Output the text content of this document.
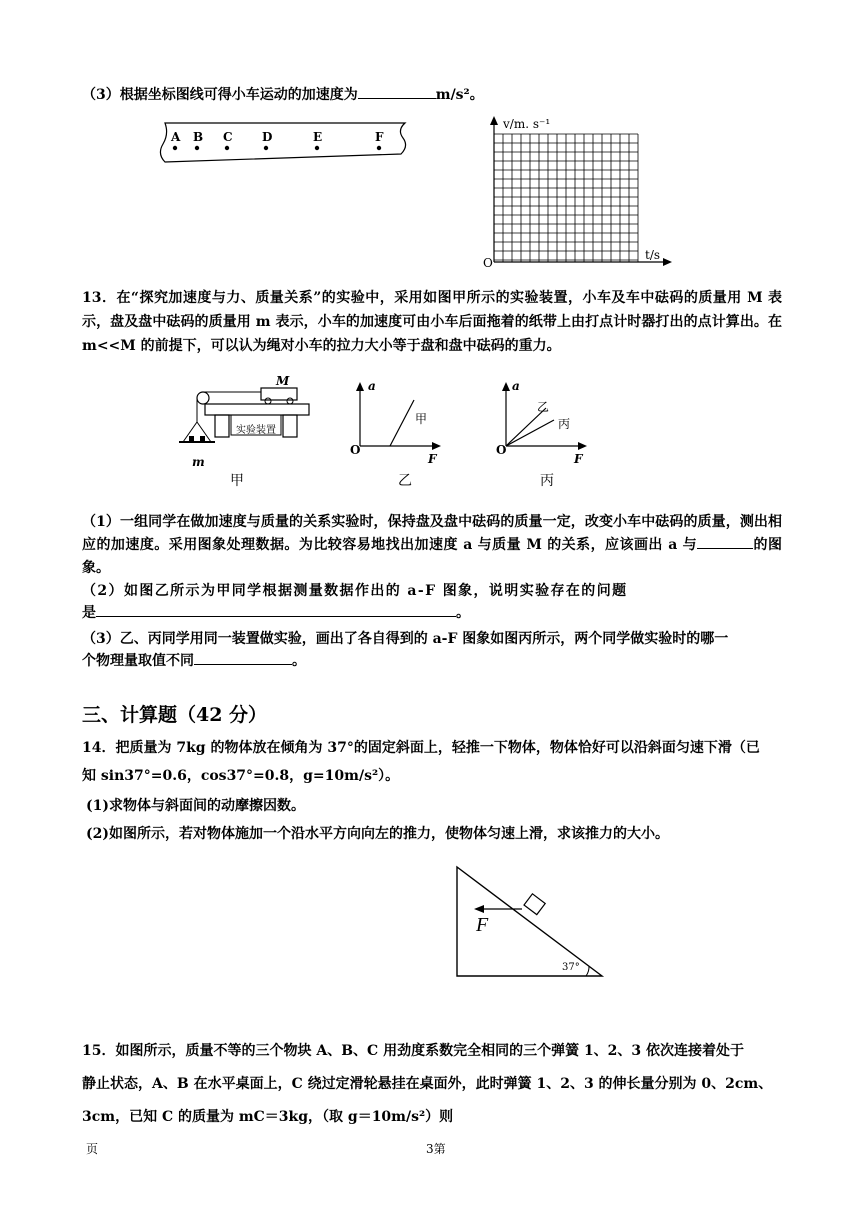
（3）根据坐标图线可得小车运动的加速度为	m/s²。
A B C D	E	F
v/m. s⁻¹
t/s
O
13．在“探究加速度与力、质量关系”的实验中，采用如图甲所示的实验装置，小车及车中砝码的质量用 M 表示，盘及盘中砝码的质量用 m 表示，小车的加速度可由小车后面拖着的纸带上由打点计时器打出的点计算出。在 m<<M 的前提下，可以认为绳对小车的拉力大小等于盘和盘中砝码的重力。
实验装置
M
m
甲
a
甲
O
F
乙
a
乙
丙
O
F
丙
（1）一组同学在做加速度与质量的关系实验时，保持盘及盘中砝码的质量一定，改变小车中砝码的质量，测出相应的加速度。采用图象处理数据。为比较容易地找出加速度 a 与质量 M 的关系，应该画出 a 与	的图象。
（2）如图乙所示为甲同学根据测量数据作出的 a-F 图象，说明实验存在的问题
是	。
（3）乙、丙同学用同一装置做实验，画出了各自得到的 a-F 图象如图丙所示，两个同学做实验时的哪一
个物理量取值不同	。
三、计算题（42 分）
14．把质量为 7kg 的物体放在倾角为 37°的固定斜面上，轻推一下物体，物体恰好可以沿斜面匀速下滑（已
知 sin37°=0.6，cos37°=0.8，g=10m/s²）。
(1)求物体与斜面间的动摩擦因数。
(2)如图所示，若对物体施加一个沿水平方向向左的推力，使物体匀速上滑，求该推力的大小。
F
37°
15．如图所示，质量不等的三个物块 A、B、C 用劲度系数完全相同的三个弹簧 1、2、3 依次连接着处于
静止状态，A、B 在水平桌面上，C 绕过定滑轮悬挂在桌面外，此时弹簧 1、2、3 的伸长量分别为 0、2cm、
3cm，已知 C 的质量为 mC＝3kg，（取 g＝10m/s²）则
页	3第
